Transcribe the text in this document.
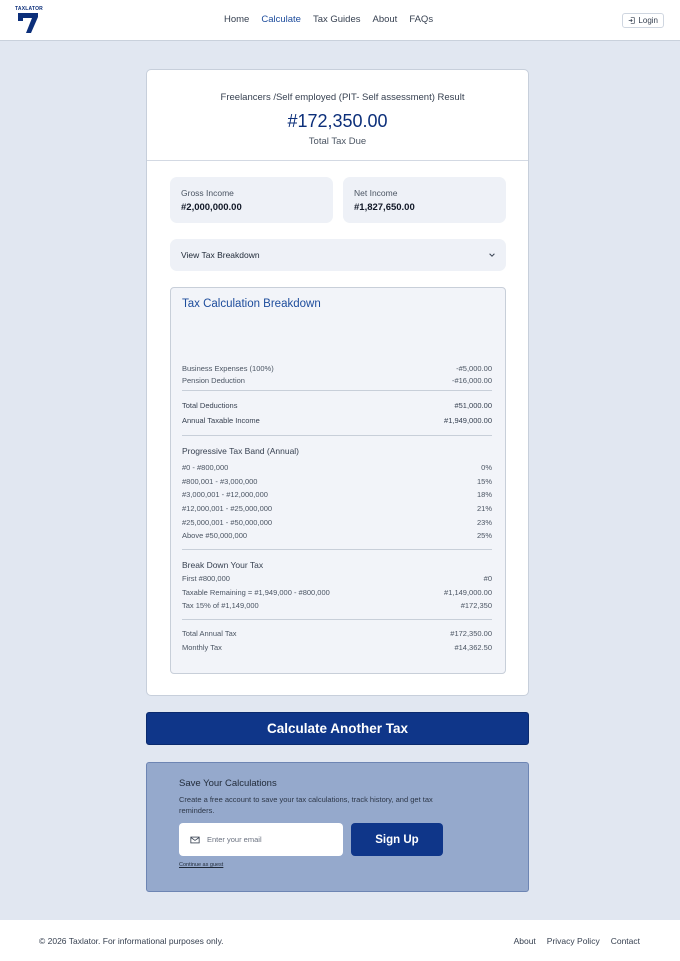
TAXLATOR
Home Calculate Tax Guides About FAQs	Login
Freelancers /Self employed (PIT- Self assessment) Result
#172,350.00
Total Tax Due
Gross Income
#2,000,000.00
Net Income
#1,827,650.00
View Tax Breakdown
Tax Calculation Breakdown
Business Expenses (100%)	-#5,000.00
Pension Deduction	-#16,000.00
Total Deductions	#51,000.00
Annual Taxable Income	#1,949,000.00
Progressive Tax Band (Annual)
#0 - #800,000	0%
#800,001 - #3,000,000	15%
#3,000,001 - #12,000,000	18%
#12,000,001 - #25,000,000	21%
#25,000,001 - #50,000,000	23%
Above #50,000,000	25%
Break Down Your Tax
First #800,000	#0
Taxable Remaining = #1,949,000 - #800,000	#1,149,000.00
Tax 15% of #1,149,000	#172,350
Total Annual Tax	#172,350.00
Monthly Tax	#14,362.50
Calculate Another Tax
Save Your Calculations
Create a free account to save your tax calculations, track history, and get tax reminders.
Enter your email
Sign Up
Continue as guest
© 2026 Taxlator. For informational purposes only.	About Privacy Policy Contact
